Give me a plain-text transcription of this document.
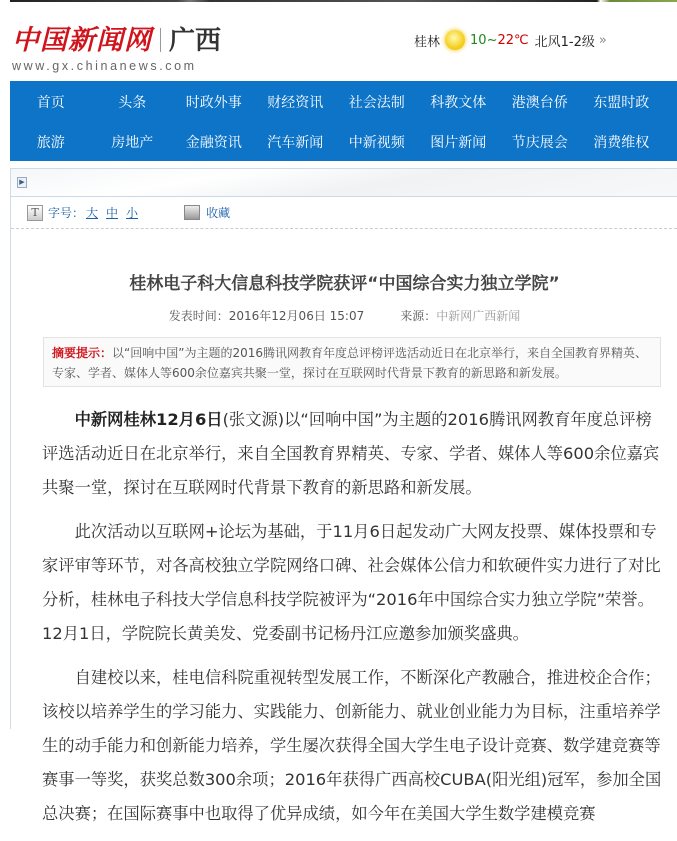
中国新闻网 广西
www.gx.chinanews.com
桂林 10 ~ 22℃ 北风1-2级 »
首页	头条	时政外事	财经资讯	社会法制	科教文体	港澳台侨	东盟时政
旅游	房地产	金融资讯	汽车新闻	中新视频	图片新闻	节庆展会	消费维权
▶
T 字号： 大 中 小	收藏
桂林电子科大信息科技学院获评“中国综合实力独立学院”
发表时间：2016年12月06日 15:07	来源：中新网广西新闻
摘要提示：以“回响中国”为主题的2016腾讯网教育年度总评榜评选活动近日在北京举行，来自全国教育界精英、专家、学者、媒体人等600余位嘉宾共聚一堂，探讨在互联网时代背景下教育的新思路和新发展。

中新网桂林12月6日(张文源)以“回响中国”为主题的2016腾讯网教育年度总评榜评选活动近日在北京举行，来自全国教育界精英、专家、学者、媒体人等600余位嘉宾共聚一堂，探讨在互联网时代背景下教育的新思路和新发展。

此次活动以互联网+论坛为基础，于11月6日起发动广大网友投票、媒体投票和专家评审等环节，对各高校独立学院网络口碑、社会媒体公信力和软硬件实力进行了对比分析，桂林电子科技大学信息科技学院被评为“2016年中国综合实力独立学院”荣誉。12月1日，学院院长黄美发、党委副书记杨丹江应邀参加颁奖盛典。

自建校以来，桂电信科院重视转型发展工作，不断深化产教融合，推进校企合作；该校以培养学生的学习能力、实践能力、创新能力、就业创业能力为目标，注重培养学生的动手能力和创新能力培养，学生屡次获得全国大学生电子设计竞赛、数学建竞赛等赛事一等奖，获奖总数300余项；2016年获得广西高校CUBA(阳光组)冠军，参加全国总决赛；在国际赛事中也取得了优异成绩，如今年在美国大学生数学建模竞赛
